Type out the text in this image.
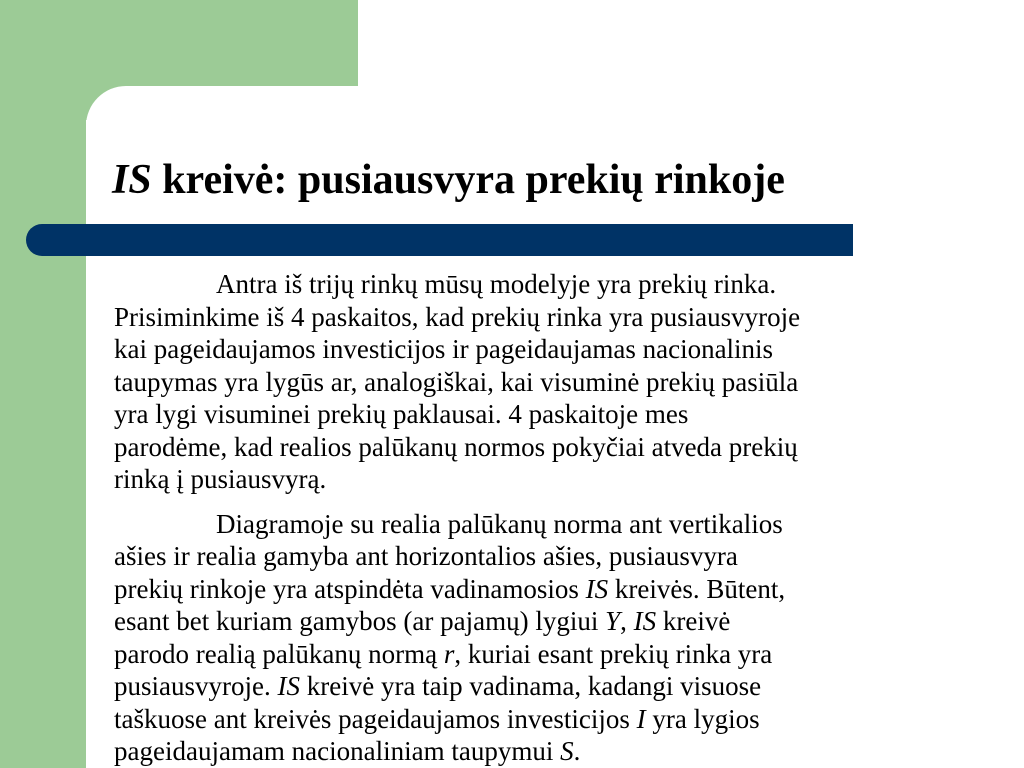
IS kreivė: pusiausvyra prekių rinkoje

Antra iš trijų rinkų mūsų modelyje yra prekių rinka.
Prisiminkime iš 4 paskaitos, kad prekių rinka yra pusiausvyroje
kai pageidaujamos investicijos ir pageidaujamas nacionalinis
taupymas yra lygūs ar, analogiškai, kai visuminė prekių pasiūla
yra lygi visuminei prekių paklausai. 4 paskaitoje mes
parodėme, kad realios palūkanų normos pokyčiai atveda prekių
rinką į pusiausvyrą.

Diagramoje su realia palūkanų norma ant vertikalios
ašies ir realia gamyba ant horizontalios ašies, pusiausvyra
prekių rinkoje yra atspindėta vadinamosios IS kreivės. Būtent,
esant bet kuriam gamybos (ar pajamų) lygiui Y, IS kreivė
parodo realią palūkanų normą r, kuriai esant prekių rinka yra
pusiausvyroje. IS kreivė yra taip vadinama, kadangi visuose
taškuose ant kreivės pageidaujamos investicijos I yra lygios
pageidaujamam nacionaliniam taupymui S.
